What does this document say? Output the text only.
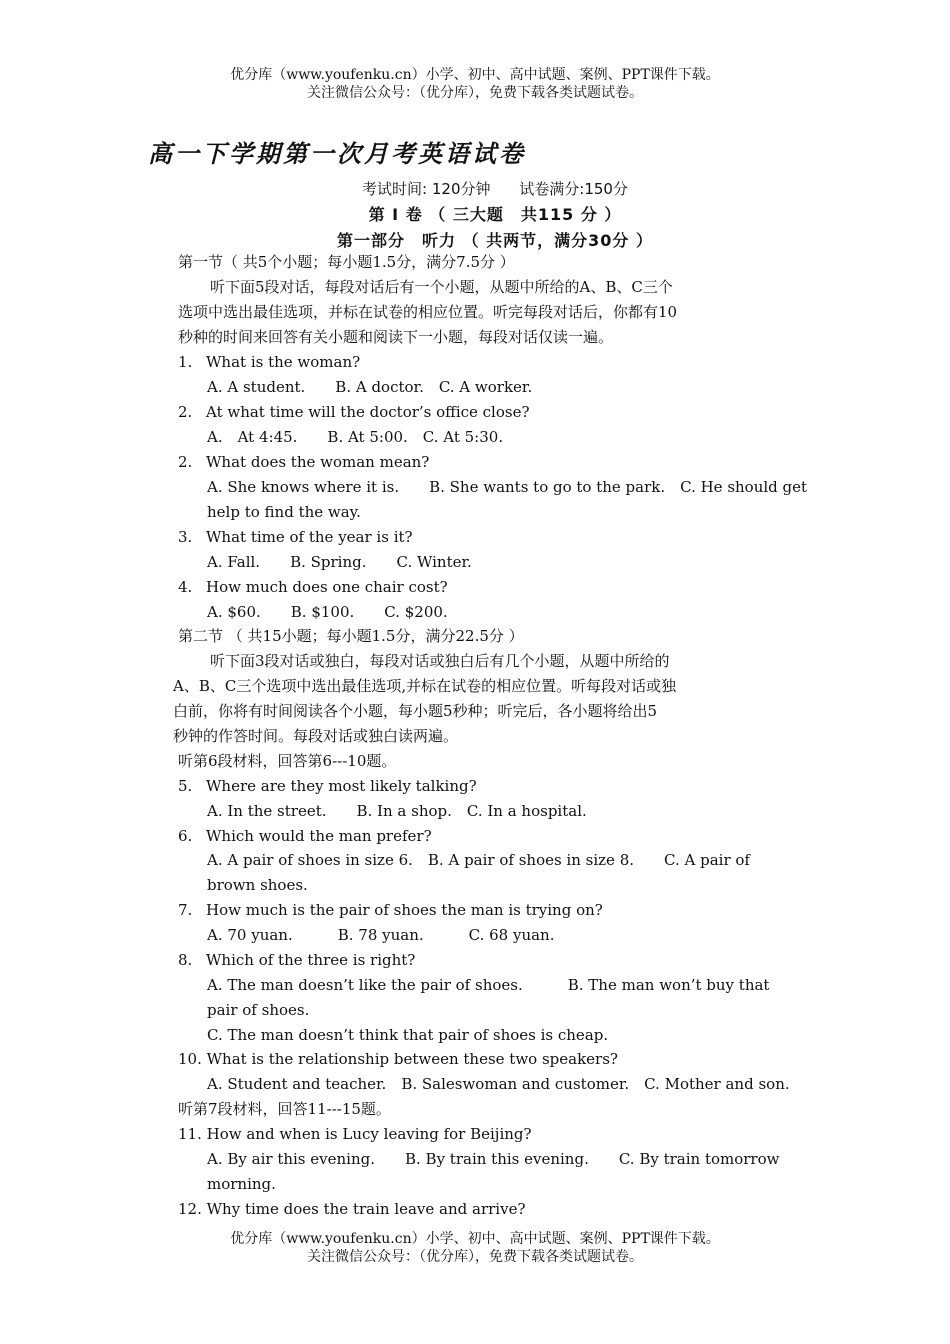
优分库（www.youfenku.cn）小学、初中、高中试题、案例、PPT课件下载。
关注微信公众号：（优分库），免费下载各类试题试卷。
高一下学期第一次月考英语试卷
考试时间: 120分钟 试卷满分:150分
第 I 卷 （ 三大题　共115 分 ）
第一部分　听力 （ 共两节，满分30分 ）
第一节（ 共5个小题；每小题1.5分，满分7.5分 ）
听下面5段对话，每段对话后有一个小题，从题中所给的A、B、C三个
选项中选出最佳选项，并标在试卷的相应位置。听完每段对话后，你都有10
秒种的时间来回答有关小题和阅读下一小题，每段对话仅读一遍。
1. What is the woman?
A. A student.　　B. A doctor.　C. A worker.
2. At what time will the doctor’s office close?
A.　At 4:45.　　B. At 5:00.　C. At 5:30.
2. What does the woman mean?
A. She knows where it is.　　B. She wants to go to the park.　C. He should get
help to find the way.
3. What time of the year is it?
A. Fall.　　B. Spring.　　C. Winter.
4. How much does one chair cost?
A. $60.　　B. $100.　　C. $200.
第二节 （ 共15小题；每小题1.5分，满分22.5分 ）
听下面3段对话或独白，每段对话或独白后有几个小题，从题中所给的
A、B、C三个选项中选出最佳选项,并标在试卷的相应位置。听每段对话或独
白前，你将有时间阅读各个小题，每小题5秒种；听完后，各小题将给出5
秒钟的作答时间。每段对话或独白读两遍。
听第6段材料，回答第6---10题。
5. Where are they most likely talking?
A. In the street.　　B. In a shop.　C. In a hospital.
6. Which would the man prefer?
A. A pair of shoes in size 6.　B. A pair of shoes in size 8.　　C. A pair of
brown shoes.
7. How much is the pair of shoes the man is trying on?
A. 70 yuan.　　　B. 78 yuan.　　　C. 68 yuan.
8. Which of the three is right?
A. The man doesn’t like the pair of shoes.　　　B. The man won’t buy that
pair of shoes.
C. The man doesn’t think that pair of shoes is cheap.
10. What is the relationship between these two speakers?
A. Student and teacher.　B. Saleswoman and customer.　C. Mother and son.
听第7段材料，回答11---15题。
11. How and when is Lucy leaving for Beijing?
A. By air this evening.　　B. By train this evening.　　C. By train tomorrow
morning.
12. Why time does the train leave and arrive?
优分库（www.youfenku.cn）小学、初中、高中试题、案例、PPT课件下载。
关注微信公众号：（优分库），免费下载各类试题试卷。
